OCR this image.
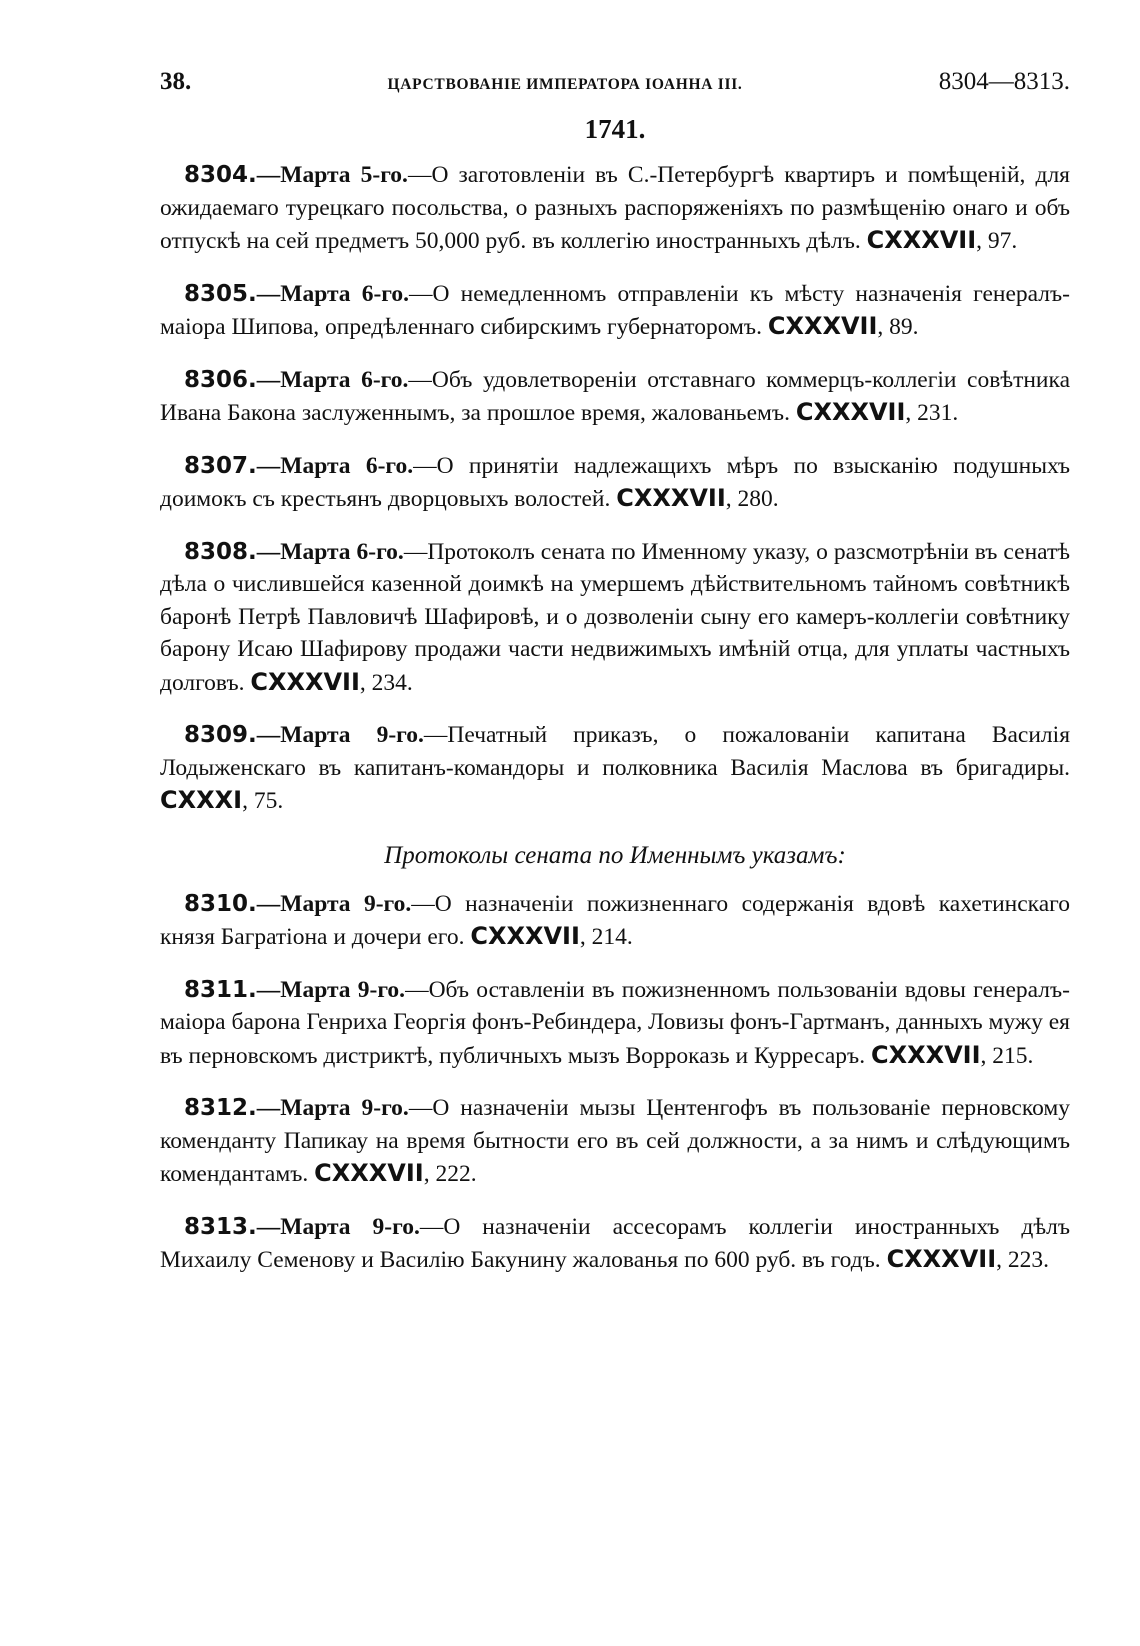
38.	ЦАРСТВОВАНІЕ ИМПЕРАТОРА ІОАННА III.	8304—8313.
1741.

8304.—Марта 5-го.—О заготовленіи въ С.-Петербургѣ квартиръ и помѣщеній, для ожидаемаго турецкаго посольства, о разныхъ распоряженіяхъ по размѣщенію онаго и объ отпускѣ на сей предметъ 50,000 руб. въ коллегію иностранныхъ дѣлъ. CXXXVII, 97.

8305.—Марта 6-го.—О немедленномъ отправленіи къ мѣсту назначенія генералъ-маіора Шипова, опредѣленнаго сибирскимъ губернаторомъ. CXXXVII, 89.

8306.—Марта 6-го.—Объ удовлетвореніи отставнаго коммерцъ-коллегіи совѣтника Ивана Бакона заслуженнымъ, за прошлое время, жалованьемъ. CXXXVII, 231.

8307.—Марта 6-го.—О принятіи надлежащихъ мѣръ по взысканію подушныхъ доимокъ съ крестьянъ дворцовыхъ волостей. CXXXVII, 280.

8308.—Марта 6-го.—Протоколъ сената по Именному указу, о разсмотрѣніи въ сенатѣ дѣла о числившейся казенной доимкѣ на умершемъ дѣйствительномъ тайномъ совѣтникѣ баронѣ Петрѣ Павловичѣ Шафировѣ, и о дозволеніи сыну его камеръ-коллегіи совѣтнику барону Исаю Шафирову продажи части недвижимыхъ имѣній отца, для уплаты частныхъ долговъ. CXXXVII, 234.

8309.—Марта 9-го.—Печатный приказъ, о пожалованіи капитана Василія Лодыженскаго въ капитанъ-командоры и полковника Василія Маслова въ бригадиры. CXXXI, 75.

Протоколы сената по Именнымъ указамъ:

8310.—Марта 9-го.—О назначеніи пожизненнаго содержанія вдовѣ кахетинскаго князя Багратіона и дочери его. CXXXVII, 214.

8311.—Марта 9-го.—Объ оставленіи въ пожизненномъ пользованіи вдовы генералъ-маіора барона Генриха Георгія фонъ-Ребиндера, Ловизы фонъ-Гартманъ, данныхъ мужу ея въ перновскомъ дистриктѣ, публичныхъ мызъ Ворроказь и Курресаръ. CXXXVII, 215.

8312.—Марта 9-го.—О назначеніи мызы Центенгофъ въ пользованіе перновскому коменданту Папикау на время бытности его въ сей должности, а за нимъ и слѣдующимъ комендантамъ. CXXXVII, 222.

8313.—Марта 9-го.—О назначеніи ассесорамъ коллегіи иностранныхъ дѣлъ Михаилу Семенову и Василію Бакунину жалованья по 600 руб. въ годъ. CXXXVII, 223.
